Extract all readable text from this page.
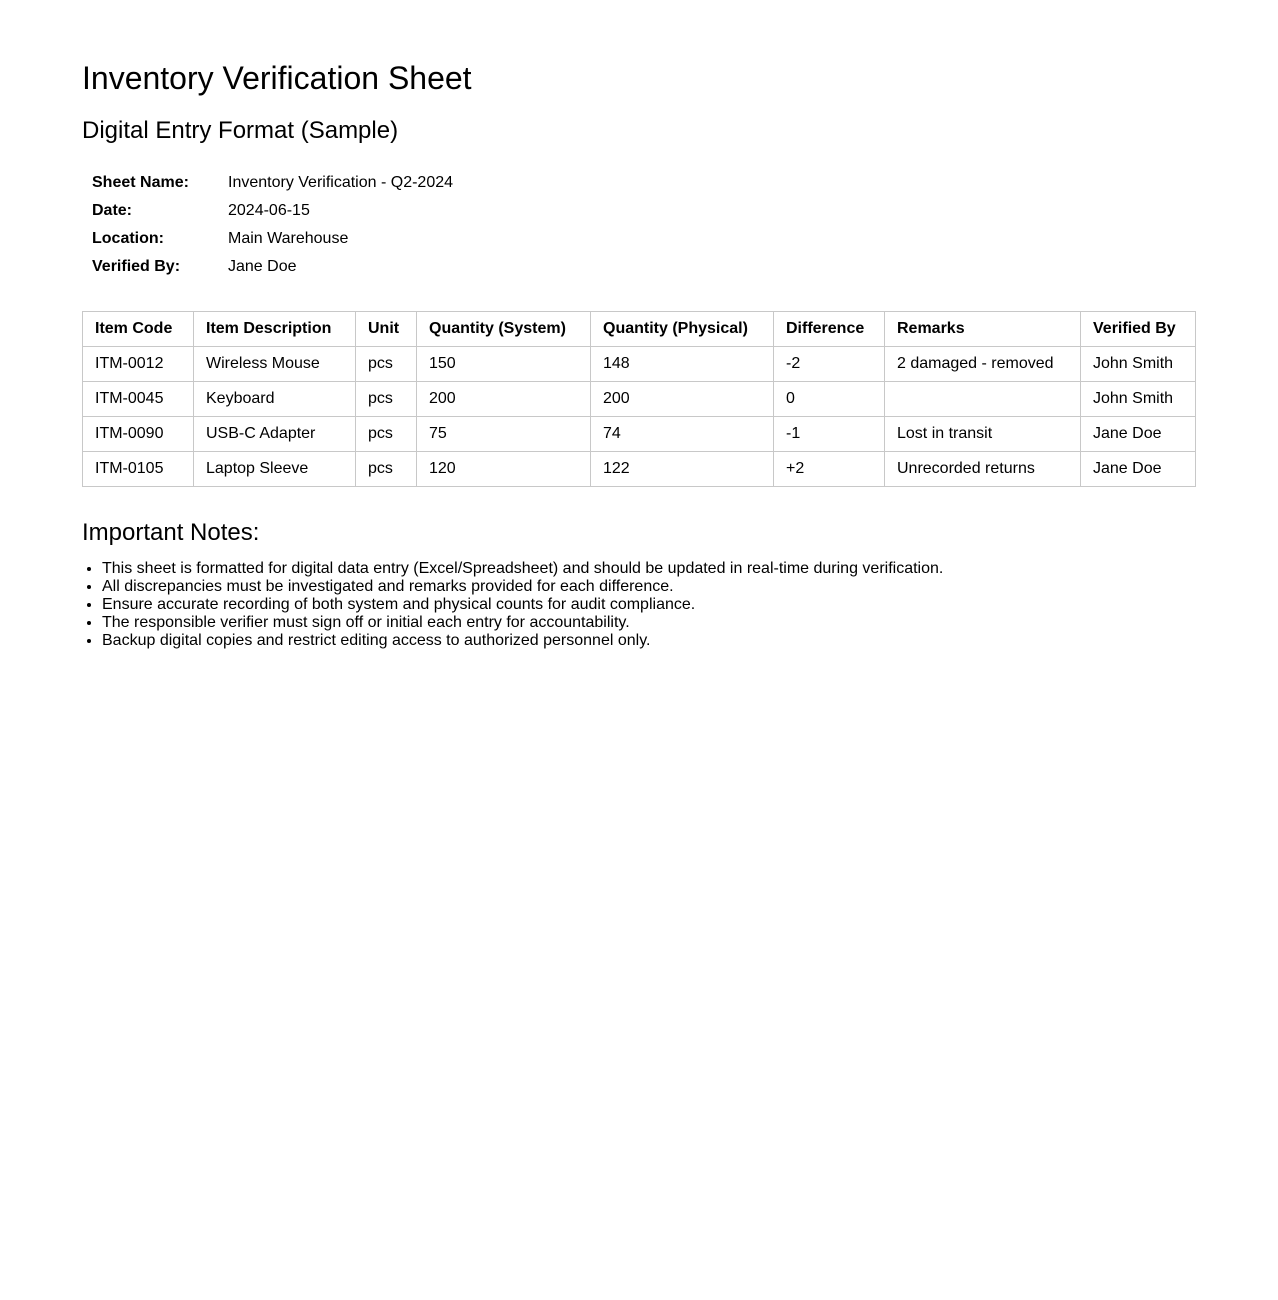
Inventory Verification Sheet
Digital Entry Format (Sample)
Sheet Name:	Inventory Verification - Q2-2024
Date:	2024-06-15
Location:	Main Warehouse
Verified By:	Jane Doe
Item Code	Item Description	Unit	Quantity (System)	Quantity (Physical)	Difference	Remarks	Verified By
ITM-0012	Wireless Mouse	pcs	150	148	-2	2 damaged - removed	John Smith
ITM-0045	Keyboard	pcs	200	200	0		John Smith
ITM-0090	USB-C Adapter	pcs	75	74	-1	Lost in transit	Jane Doe
ITM-0105	Laptop Sleeve	pcs	120	122	+2	Unrecorded returns	Jane Doe
Important Notes:
• This sheet is formatted for digital data entry (Excel/Spreadsheet) and should be updated in real-time during verification.
• All discrepancies must be investigated and remarks provided for each difference.
• Ensure accurate recording of both system and physical counts for audit compliance.
• The responsible verifier must sign off or initial each entry for accountability.
• Backup digital copies and restrict editing access to authorized personnel only.
